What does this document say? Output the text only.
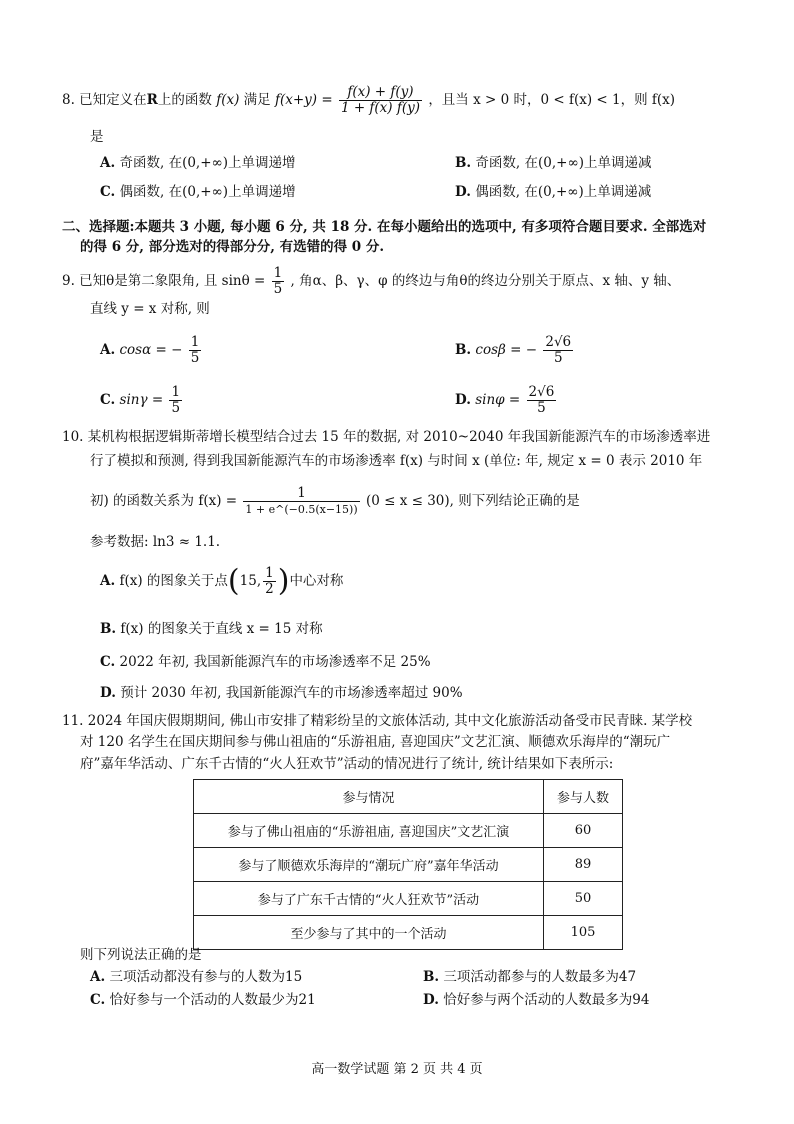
8. 已知定义在R上的函数 f(x) 满足 $f(x+y) = \frac{f(x) + f(y)}{1 + f(x) f(y)}$ ，且当 x > 0 时，0 < f(x) < 1，则 f(x)
是
A. 奇函数, 在(0,+∞)上单调递增	B. 奇函数, 在(0,+∞)上单调递减
C. 偶函数, 在(0,+∞)上单调递增	D. 偶函数, 在(0,+∞)上单调递减
二、选择题:本题共 3 小题, 每小题 6 分, 共 18 分. 在每小题给出的选项中, 有多项符合题目要求. 全部选对
的得 6 分, 部分选对的得部分分, 有选错的得 0 分.
9. 已知θ是第二象限角, 且 $\sin\theta = \frac{1}{5}$ , 角α、β、γ、φ 的终边与角θ的终边分别关于原点、x 轴、y 轴、
直线 y = x 对称, 则
A. cosα = − $\frac{1}{5}$	B. cosβ = − $\frac{2√6}{5}$
C. $\sin\gamma = \frac{1}{5}$	D. $\sin\varphi = \frac{2√6}{5}$
10. 某机构根据逻辑斯蒂增长模型结合过去 15 年的数据, 对 2010~2040 年我国新能源汽车的市场渗透率进
行了模拟和预测, 得到我国新能源汽车的市场渗透率 f(x) 与时间 x (单位: 年, 规定 x = 0 表示 2010 年
初) 的函数关系为 $f(x) = \frac{1}{1 + e\^{}(-0.5(x-15))} (0 \le x \le 30)$, 则下列结论正确的是
参考数据: ln3 ≈ 1.1.
A. f(x) 的图象关于点(15, $\frac{1}{2}$ )中心对称
B. f(x) 的图象关于直线 x = 15 对称
C. 2022 年初, 我国新能源汽车的市场渗透率不足 25%
D. 预计 2030 年初, 我国新能源汽车的市场渗透率超过 90%
11. 2024 年国庆假期期间, 佛山市安排了精彩纷呈的文旅体活动, 其中文化旅游活动备受市民青睐. 某学校
对 120 名学生在国庆期间参与佛山祖庙的“乐游祖庙, 喜迎国庆”文艺汇演、顺德欢乐海岸的“潮玩广
府”嘉年华活动、广东千古情的“火人狂欢节”活动的情况进行了统计, 统计结果如下表所示:
参与情况	参与人数
参与了佛山祖庙的“乐游祖庙, 喜迎国庆”文艺汇演	60
参与了顺德欢乐海岸的“潮玩广府”嘉年华活动	89
参与了广东千古情的“火人狂欢节”活动	50
至少参与了其中的一个活动	105
则下列说法正确的是
A. 三项活动都没有参与的人数为15	B. 三项活动都参与的人数最多为47
C. 恰好参与一个活动的人数最少为21	D. 恰好参与两个活动的人数最多为94
高一数学试题 第 2 页 共 4 页
